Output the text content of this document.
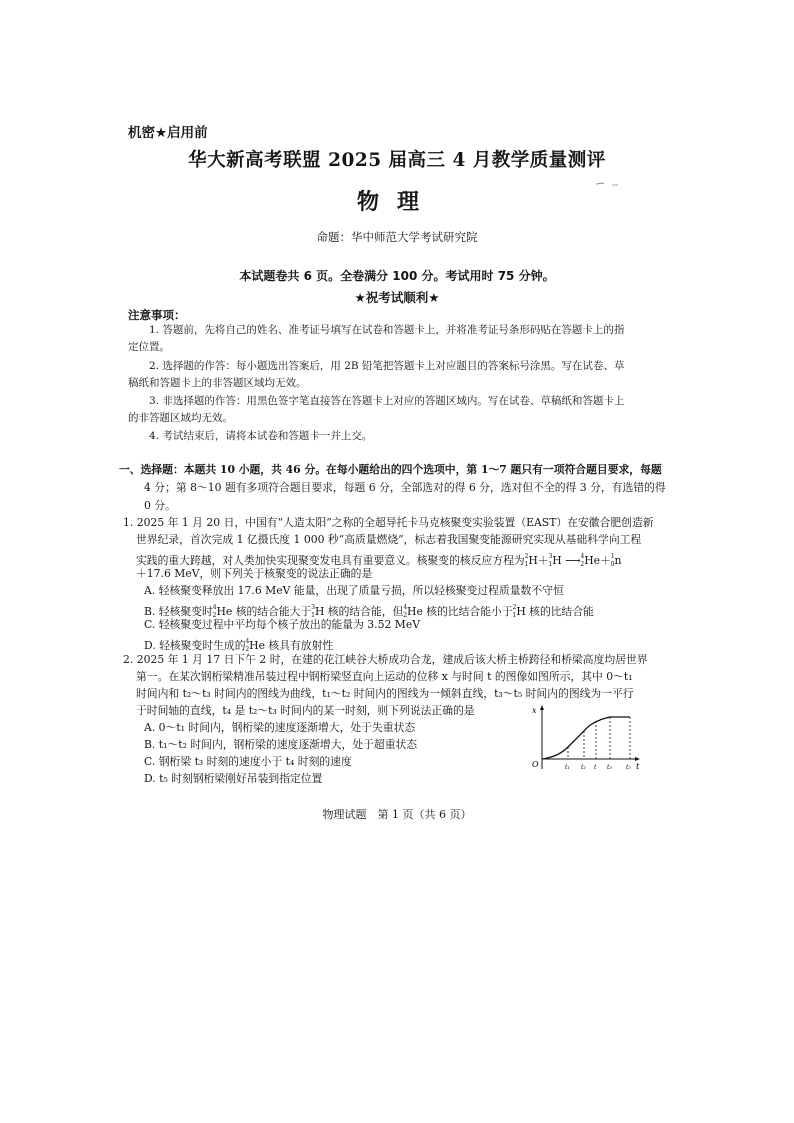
机密★启用前
华大新高考联盟 2025 届高三 4 月教学质量测评
物理
命题：华中师范大学考试研究院
本试题卷共 6 页。全卷满分 100 分。考试用时 75 分钟。
★祝考试顺利★
注意事项：
1. 答题前，先将自己的姓名、准考证号填写在试卷和答题卡上，并将准考证号条形码贴在答题卡上的指
定位置。
2. 选择题的作答：每小题选出答案后，用 2B 铅笔把答题卡上对应题目的答案标号涂黑。写在试卷、草
稿纸和答题卡上的非答题区域均无效。
3. 非选择题的作答：用黑色签字笔直接答在答题卡上对应的答题区域内。写在试卷、草稿纸和答题卡上
的非答题区域均无效。
4. 考试结束后，请将本试卷和答题卡一并上交。
一、选择题：本题共 10 小题，共 46 分。在每小题给出的四个选项中，第 1～7 题只有一项符合题目要求，每题
4 分；第 8～10 题有多项符合题目要求，每题 6 分，全部选对的得 6 分，选对但不全的得 3 分，有选错的得
0 分。
1. 2025 年 1 月 20 日，中国有“人造太阳”之称的全超导托卡马克核聚变实验装置（EAST）在安徽合肥创造新
世界纪录，首次完成 1 亿摄氏度 1 000 秒“高质量燃烧”，标志着我国聚变能源研究实现从基础科学向工程
实践的重大跨越，对人类加快实现聚变发电具有重要意义。核聚变的核反应方程为$^2_1$H＋$^3_1$H ⟶$^4_2$He＋$^1_0$n
＋17.6 MeV，则下列关于核聚变的说法正确的是
A. 轻核聚变释放出 17.6 MeV 能量，出现了质量亏损，所以轻核聚变过程质量数不守恒
B. 轻核聚变时$^4_2$He 核的结合能大于$^3_1$H 核的结合能，但$^4_2$He 核的比结合能小于$^2_1$H 核的比结合能
C. 轻核聚变过程中平均每个核子放出的能量为 3.52 MeV
D. 轻核聚变时生成的$^4_2$He 核具有放射性
2. 2025 年 1 月 17 日下午 2 时，在建的花江峡谷大桥成功合龙，建成后该大桥主桥跨径和桥梁高度均居世界
第一。在某次钢桁梁精准吊装过程中钢桁梁竖直向上运动的位移 x 与时间 t 的图像如图所示，其中 0～t₁
时间内和 t₂～t₃ 时间内的图线为曲线，t₁～t₂ 时间内的图线为一倾斜直线，t₃～t₅ 时间内的图线为一平行
于时间轴的直线，t₄ 是 t₂～t₃ 时间内的某一时刻，则下列说法正确的是
A. 0～t₁ 时间内，钢桁梁的速度逐渐增大，处于失重状态
B. t₁～t₂ 时间内，钢桁梁的速度逐渐增大，处于超重状态
C. 钢桁梁 t₃ 时刻的速度小于 t₄ 时刻的速度
D. t₅ 时刻钢桁梁刚好吊装到指定位置
x
O	t
t₁ t₂ t t₃ t₅
物理试题　第 1 页（共 6 页）
